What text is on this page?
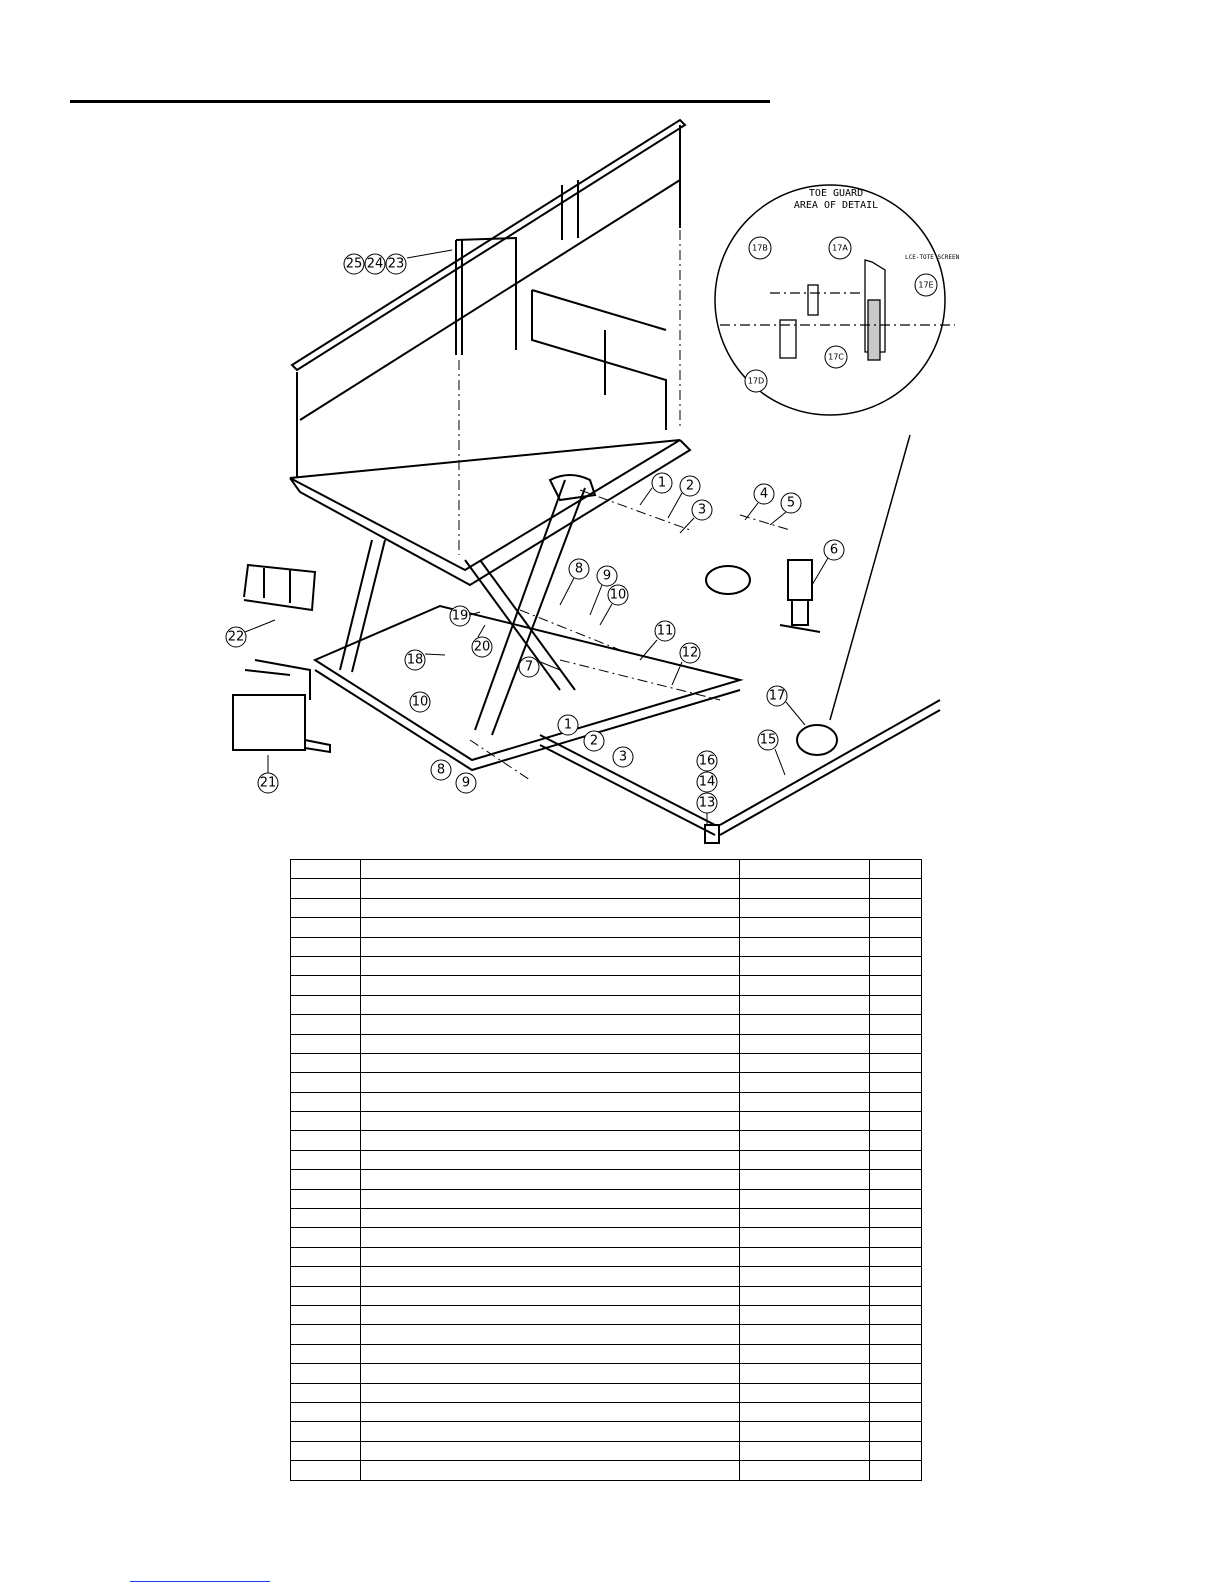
TOE GUARD
AREA OF DETAIL
LCE-TOTE SCREEN
17B	17A
17E
17C
17D
1 2
3
4
5
6
7
8 9
10
11
12
13
14
15
16
17
18
19
20
21
22
23
24
25
1
2
3
8
9
10
